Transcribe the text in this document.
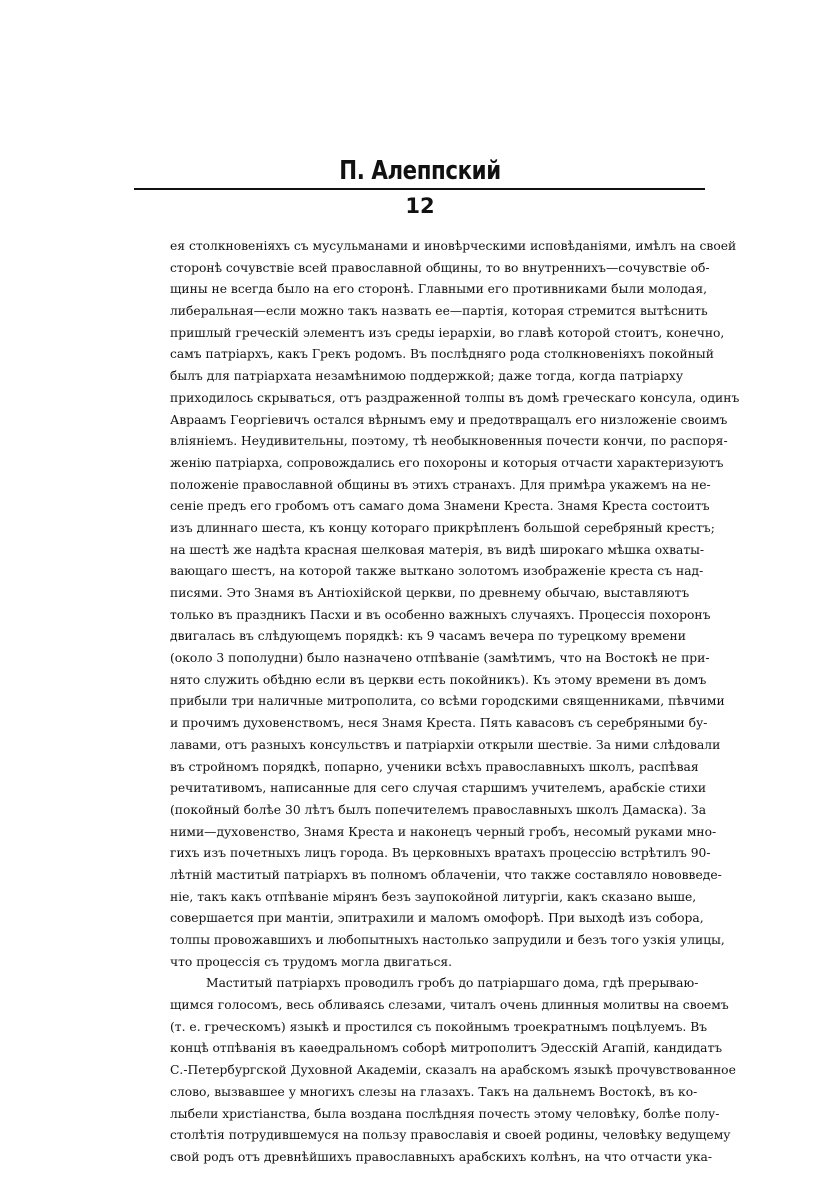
П. Алеппский
12
ея столкновеніяхъ съ мусульманами и иновѣрческими исповѣданіями, имѣлъ на своей
сторонѣ сочувствіе всей православной общины, то во внутреннихъ—сочувствіе об-
щины не всегда было на его сторонѣ. Главными его противниками были молодая,
либеральная—если можно такъ назвать ее—партія, которая стремится вытѣснить
пришлый греческій элементъ изъ среды іерархіи, во главѣ которой стоитъ, конечно,
самъ патріархъ, какъ Грекъ родомъ. Въ послѣдняго рода столкновеніяхъ покойный
былъ для патріархата незамѣнимою поддержкой; даже тогда, когда патріарху
приходилось скрываться, отъ раздраженной толпы въ домѣ греческаго консула, одинъ
Авраамъ Георгіевичъ остался вѣрнымъ ему и предотвращалъ его низложеніе своимъ
вліяніемъ. Неудивительны, поэтому, тѣ необыкновенныя почести кончи, по распоря-
женію патріарха, сопровождались его похороны и которыя отчасти характеризуютъ
положеніе православной общины въ этихъ странахъ. Для примѣра укажемъ на не-
сеніе предъ его гробомъ отъ самаго дома Знамени Креста. Знамя Креста состоитъ
изъ длиннаго шеста, къ концу котораго прикрѣпленъ большой серебряный крестъ;
на шестѣ же надѣта красная шелковая матерія, въ видѣ широкаго мѣшка охваты-
вающаго шестъ, на которой также выткано золотомъ изображеніе креста съ над-
писями. Это Знамя въ Антіохійской церкви, по древнему обычаю, выставляютъ
только въ праздникъ Пасхи и въ особенно важныхъ случаяхъ. Процессія похоронъ
двигалась въ слѣдующемъ порядкѣ: къ 9 часамъ вечера по турецкому времени
(около 3 пополудни) было назначено отпѣваніе (замѣтимъ, что на Востокѣ не при-
нято служить обѣдню если въ церкви есть покойникъ). Къ этому времени въ домъ
прибыли три наличные митрополита, со всѣми городскими священниками, пѣвчими
и прочимъ духовенствомъ, неся Знамя Креста. Пять кавасовъ съ серебряными бу-
лавами, отъ разныхъ консульствъ и патріархіи открыли шествіе. За ними слѣдовали
въ стройномъ порядкѣ, попарно, ученики всѣхъ православныхъ школъ, распѣвая
речитативомъ, написанные для сего случая старшимъ учителемъ, арабскіе стихи
(покойный болѣе 30 лѣтъ былъ попечителемъ православныхъ школъ Дамаска). За
ними—духовенство, Знамя Креста и наконецъ черный гробъ, несомый руками мно-
гихъ изъ почетныхъ лицъ города. Въ церковныхъ вратахъ процессію встрѣтилъ 90-
лѣтній маститый патріархъ въ полномъ облаченіи, что также составляло нововведе-
ніе, такъ какъ отпѣваніе мірянъ безъ заупокойной литургіи, какъ сказано выше,
совершается при мантіи, эпитрахили и маломъ омофорѣ. При выходѣ изъ собора,
толпы провожавшихъ и любопытныхъ настолько запрудили и безъ того узкія улицы,
что процессія съ трудомъ могла двигаться.
Маститый патріархъ проводилъ гробъ до патріаршаго дома, гдѣ прерываю-
щимся голосомъ, весь обливаясь слезами, читалъ очень длинныя молитвы на своемъ
(т. е. греческомъ) языкѣ и простился съ покойнымъ троекратнымъ поцѣлуемъ. Въ
концѣ отпѣванія въ каѳедральномъ соборѣ митрополитъ Эдесскій Агапій, кандидатъ
С.-Петербургской Духовной Академіи, сказалъ на арабскомъ языкѣ прочувствованное
слово, вызвавшее у многихъ слезы на глазахъ. Такъ на дальнемъ Востокѣ, въ ко-
лыбели христіанства, была воздана послѣдняя почесть этому человѣку, болѣе полу-
столѣтія потрудившемуся на пользу православія и своей родины, человѣку ведущему
свой родъ отъ древнѣйшихъ православныхъ арабскихъ колѣнъ, на что отчасти ука-
